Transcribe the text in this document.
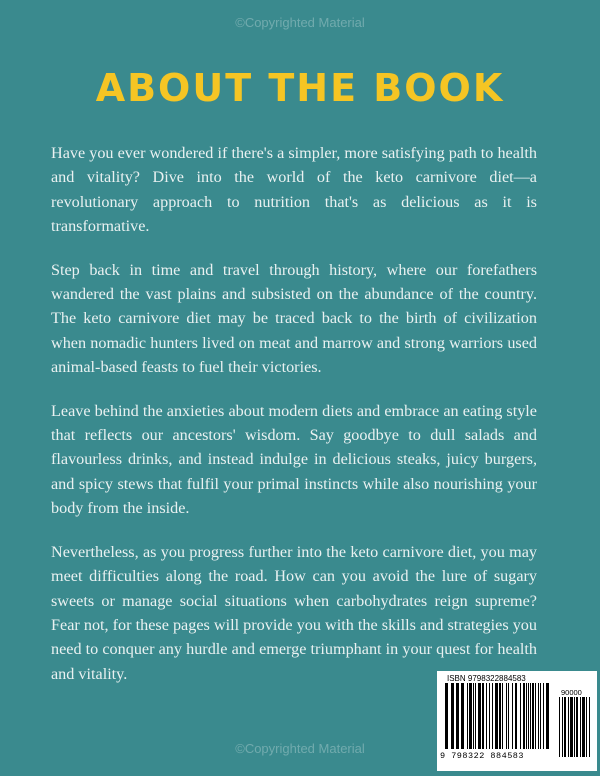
©Copyrighted Material
ABOUT THE BOOK

Have you ever wondered if there's a simpler, more satisfying path to health and vitality? Dive into the world of the keto carnivore diet—a revolutionary approach to nutrition that's as delicious as it is transformative.

Step back in time and travel through history, where our forefathers wandered the vast plains and subsisted on the abundance of the country. The keto carnivore diet may be traced back to the birth of civilization when nomadic hunters lived on meat and marrow and strong warriors used animal-based feasts to fuel their victories.

Leave behind the anxieties about modern diets and embrace an eating style that reflects our ancestors' wisdom. Say goodbye to dull salads and flavourless drinks, and instead indulge in delicious steaks, juicy burgers, and spicy stews that fulfil your primal instincts while also nourishing your body from the inside.

Nevertheless, as you progress further into the keto carnivore diet, you may meet difficulties along the road. How can you avoid the lure of sugary sweets or manage social situations when carbohydrates reign supreme? Fear not, for these pages will provide you with the skills and strategies you need to conquer any hurdle and emerge triumphant in your quest for health and vitality.	ISBN 9798322884583
90000
9 798322 884583
©Copyrighted Material
